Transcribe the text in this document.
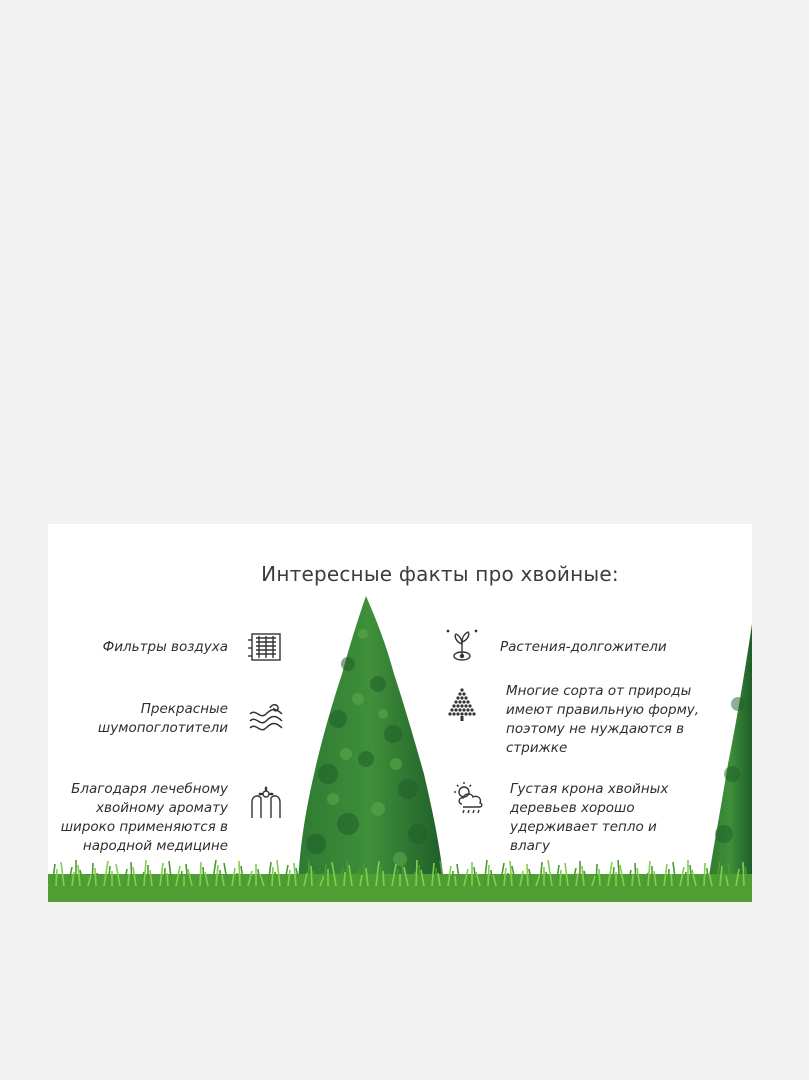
Интересные факты про хвойные:
Фильтры воздуха
Прекрасные шумопоглотители
Благодаря лечебному хвойному аромату широко применяются в народной медицине
Растения-долгожители
Многие сорта от природы имеют правильную форму, поэтому не нуждаются в стрижке
Густая крона хвойных деревьев хорошо удерживает тепло и влагу
